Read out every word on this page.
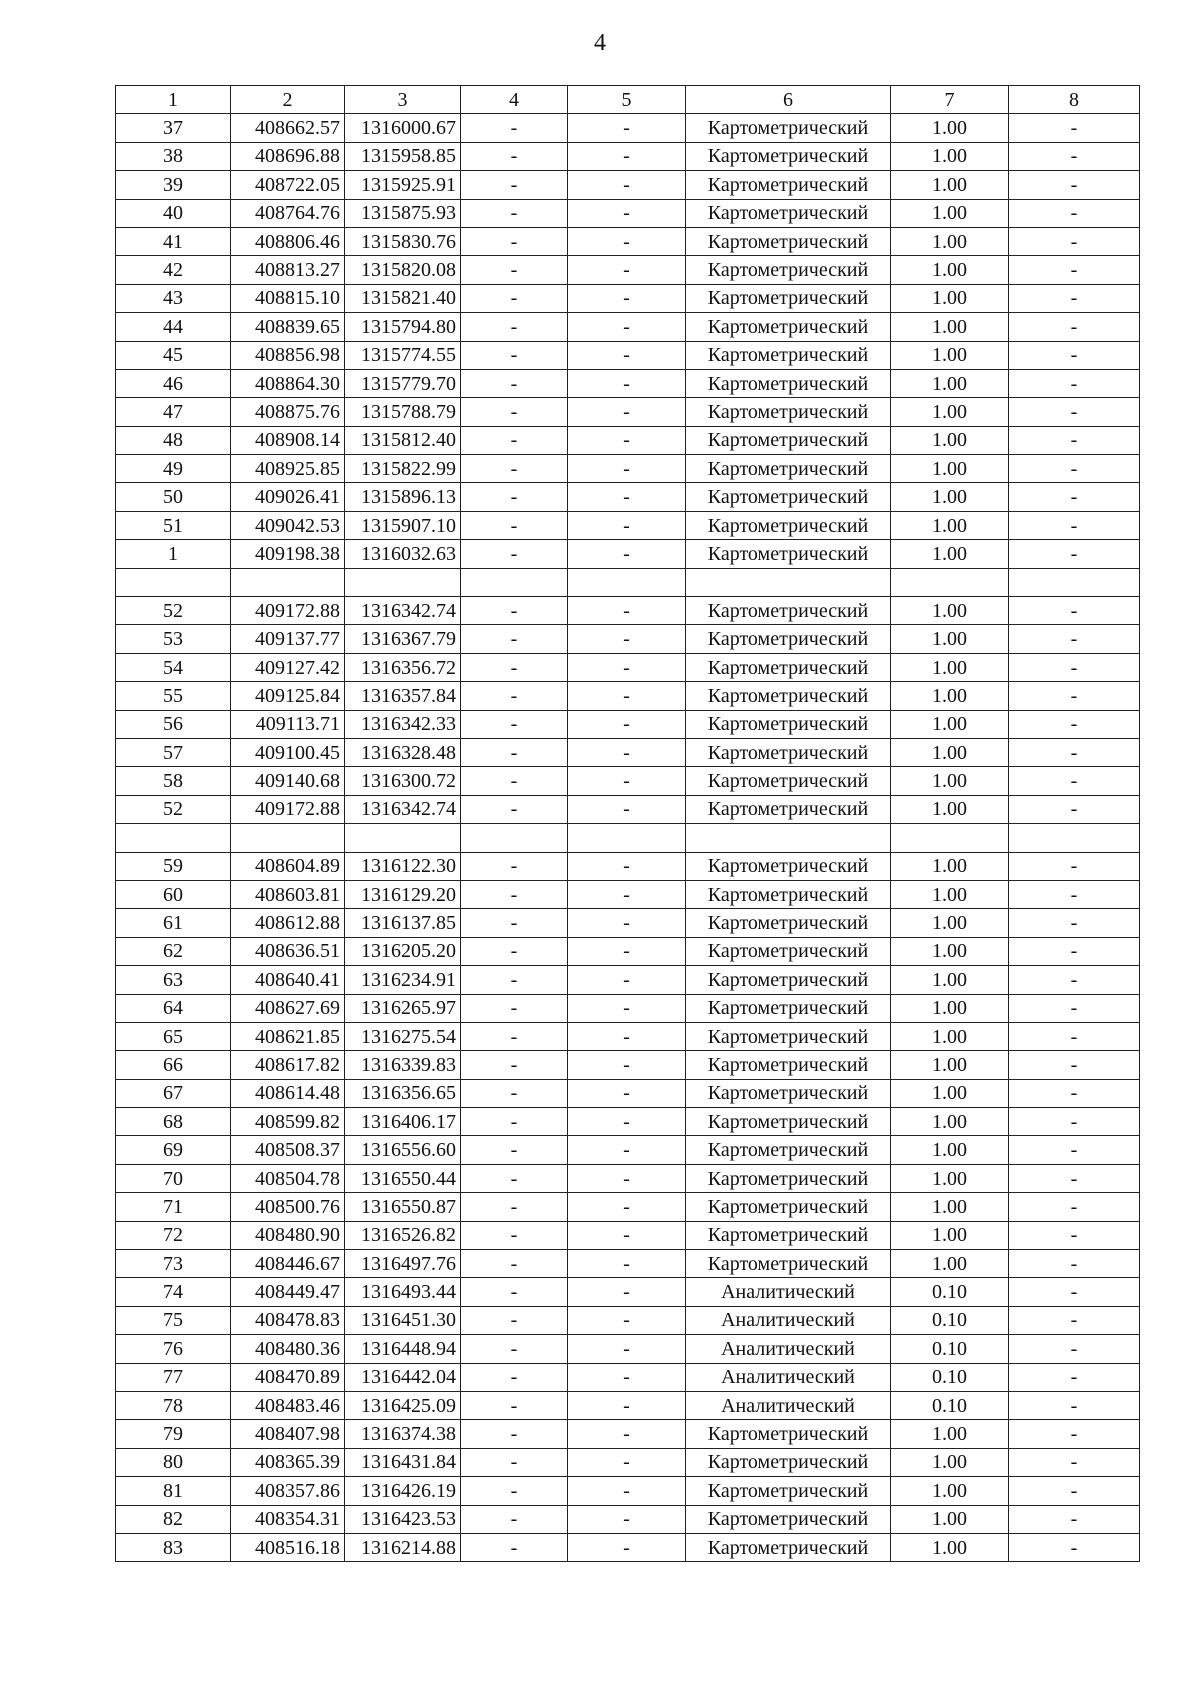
4
1	2	3	4	5	6	7	8
37	408662.57	1316000.67	-	-	Картометрический	1.00	-
38	408696.88	1315958.85	-	-	Картометрический	1.00	-
39	408722.05	1315925.91	-	-	Картометрический	1.00	-
40	408764.76	1315875.93	-	-	Картометрический	1.00	-
41	408806.46	1315830.76	-	-	Картометрический	1.00	-
42	408813.27	1315820.08	-	-	Картометрический	1.00	-
43	408815.10	1315821.40	-	-	Картометрический	1.00	-
44	408839.65	1315794.80	-	-	Картометрический	1.00	-
45	408856.98	1315774.55	-	-	Картометрический	1.00	-
46	408864.30	1315779.70	-	-	Картометрический	1.00	-
47	408875.76	1315788.79	-	-	Картометрический	1.00	-
48	408908.14	1315812.40	-	-	Картометрический	1.00	-
49	408925.85	1315822.99	-	-	Картометрический	1.00	-
50	409026.41	1315896.13	-	-	Картометрический	1.00	-
51	409042.53	1315907.10	-	-	Картометрический	1.00	-
1	409198.38	1316032.63	-	-	Картометрический	1.00	-

52	409172.88	1316342.74	-	-	Картометрический	1.00	-
53	409137.77	1316367.79	-	-	Картометрический	1.00	-
54	409127.42	1316356.72	-	-	Картометрический	1.00	-
55	409125.84	1316357.84	-	-	Картометрический	1.00	-
56	409113.71	1316342.33	-	-	Картометрический	1.00	-
57	409100.45	1316328.48	-	-	Картометрический	1.00	-
58	409140.68	1316300.72	-	-	Картометрический	1.00	-
52	409172.88	1316342.74	-	-	Картометрический	1.00	-

59	408604.89	1316122.30	-	-	Картометрический	1.00	-
60	408603.81	1316129.20	-	-	Картометрический	1.00	-
61	408612.88	1316137.85	-	-	Картометрический	1.00	-
62	408636.51	1316205.20	-	-	Картометрический	1.00	-
63	408640.41	1316234.91	-	-	Картометрический	1.00	-
64	408627.69	1316265.97	-	-	Картометрический	1.00	-
65	408621.85	1316275.54	-	-	Картометрический	1.00	-
66	408617.82	1316339.83	-	-	Картометрический	1.00	-
67	408614.48	1316356.65	-	-	Картометрический	1.00	-
68	408599.82	1316406.17	-	-	Картометрический	1.00	-
69	408508.37	1316556.60	-	-	Картометрический	1.00	-
70	408504.78	1316550.44	-	-	Картометрический	1.00	-
71	408500.76	1316550.87	-	-	Картометрический	1.00	-
72	408480.90	1316526.82	-	-	Картометрический	1.00	-
73	408446.67	1316497.76	-	-	Картометрический	1.00	-
74	408449.47	1316493.44	-	-	Аналитический	0.10	-
75	408478.83	1316451.30	-	-	Аналитический	0.10	-
76	408480.36	1316448.94	-	-	Аналитический	0.10	-
77	408470.89	1316442.04	-	-	Аналитический	0.10	-
78	408483.46	1316425.09	-	-	Аналитический	0.10	-
79	408407.98	1316374.38	-	-	Картометрический	1.00	-
80	408365.39	1316431.84	-	-	Картометрический	1.00	-
81	408357.86	1316426.19	-	-	Картометрический	1.00	-
82	408354.31	1316423.53	-	-	Картометрический	1.00	-
83	408516.18	1316214.88	-	-	Картометрический	1.00	-
